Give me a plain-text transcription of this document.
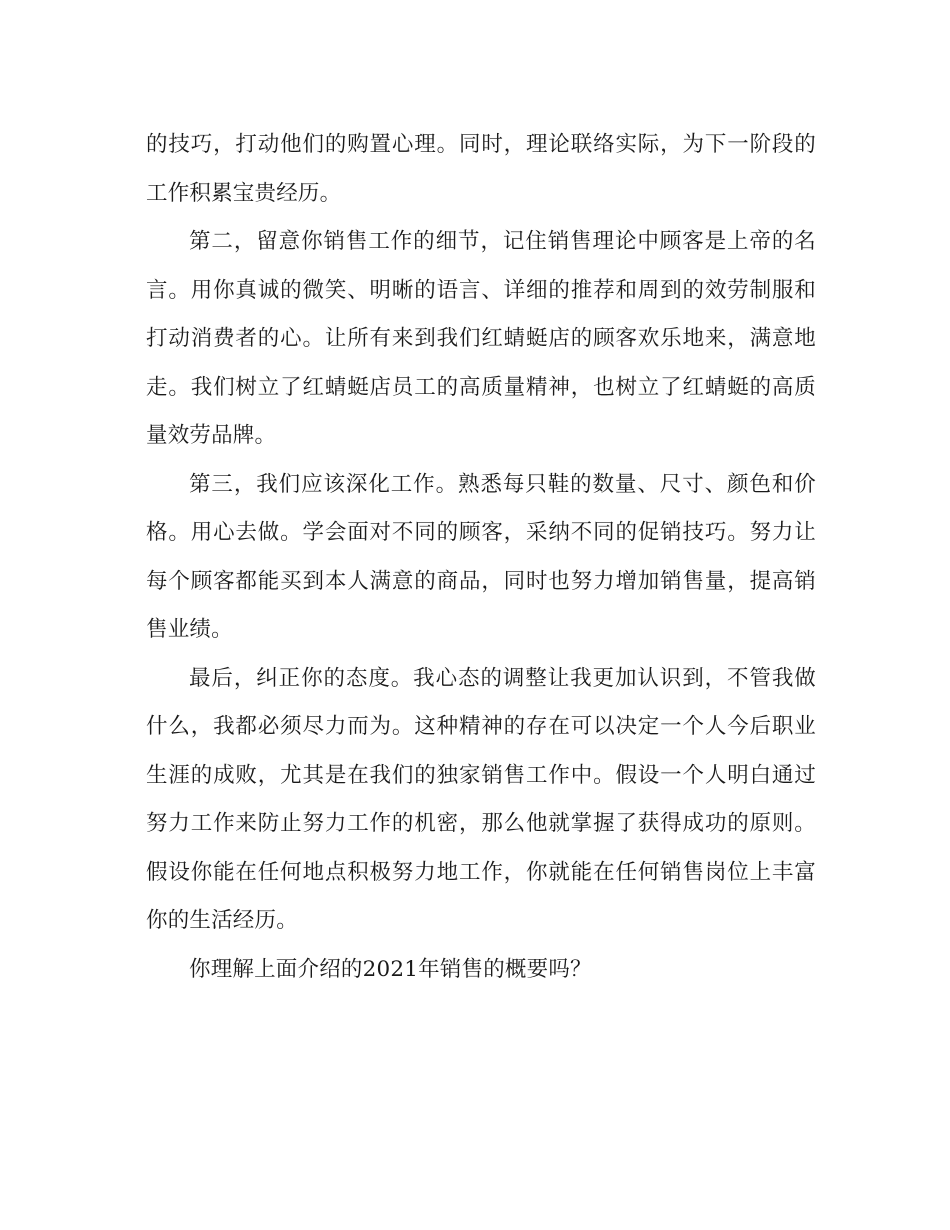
的技巧，打动他们的购置心理。同时，理论联络实际，为下一阶段的工作积累宝贵经历。

第二，留意你销售工作的细节，记住销售理论中顾客是上帝的名言。用你真诚的微笑、明晰的语言、详细的推荐和周到的效劳制服和打动消费者的心。让所有来到我们红蜻蜓店的顾客欢乐地来，满意地走。我们树立了红蜻蜓店员工的高质量精神，也树立了红蜻蜓的高质量效劳品牌。

第三，我们应该深化工作。熟悉每只鞋的数量、尺寸、颜色和价格。用心去做。学会面对不同的顾客，采纳不同的促销技巧。努力让每个顾客都能买到本人满意的商品，同时也努力增加销售量，提高销售业绩。

最后，纠正你的态度。我心态的调整让我更加认识到，不管我做什么，我都必须尽力而为。这种精神的存在可以决定一个人今后职业生涯的成败，尤其是在我们的独家销售工作中。假设一个人明白通过努力工作来防止努力工作的机密，那么他就掌握了获得成功的原则。假设你能在任何地点积极努力地工作，你就能在任何销售岗位上丰富你的生活经历。

你理解上面介绍的2021年销售的概要吗？
